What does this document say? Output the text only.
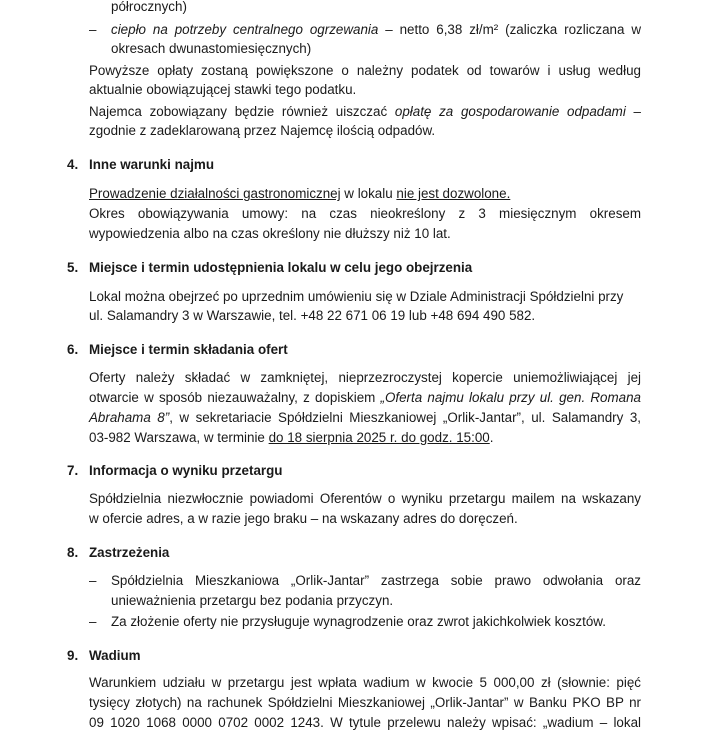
półrocznych)
– ciepło na potrzeby centralnego ogrzewania – netto 6,38 zł/m² (zaliczka rozliczana w
okresach dwunastomiesięcznych)
Powyższe opłaty zostaną powiększone o należny podatek od towarów i usług według
aktualnie obowiązującej stawki tego podatku.
Najemca zobowiązany będzie również uiszczać opłatę za gospodarowanie odpadami –
zgodnie z zadeklarowaną przez Najemcę ilością odpadów.
4. Inne warunki najmu
Prowadzenie działalności gastronomicznej w lokalu nie jest dozwolone.
Okres obowiązywania umowy: na czas nieokreślony z 3 miesięcznym okresem
wypowiedzenia albo na czas określony nie dłuższy niż 10 lat.
5. Miejsce i termin udostępnienia lokalu w celu jego obejrzenia
Lokal można obejrzeć po uprzednim umówieniu się w Dziale Administracji Spółdzielni przy
ul. Salamandry 3 w Warszawie, tel. +48 22 671 06 19 lub +48 694 490 582.
6. Miejsce i termin składania ofert
Oferty należy składać w zamkniętej, nieprzezroczystej kopercie uniemożliwiającej jej
otwarcie w sposób niezauważalny, z dopiskiem „Oferta najmu lokalu przy ul. gen. Romana
Abrahama 8”, w sekretariacie Spółdzielni Mieszkaniowej „Orlik-Jantar”, ul. Salamandry 3,
03-982 Warszawa, w terminie do 18 sierpnia 2025 r. do godz. 15:00.
7. Informacja o wyniku przetargu
Spółdzielnia niezwłocznie powiadomi Oferentów o wyniku przetargu mailem na wskazany
w ofercie adres, a w razie jego braku – na wskazany adres do doręczeń.
8. Zastrzeżenia
– Spółdzielnia Mieszkaniowa „Orlik-Jantar” zastrzega sobie prawo odwołania oraz
unieważnienia przetargu bez podania przyczyn.
– Za złożenie oferty nie przysługuje wynagrodzenie oraz zwrot jakichkolwiek kosztów.
9. Wadium
Warunkiem udziału w przetargu jest wpłata wadium w kwocie 5 000,00 zł (słownie: pięć
tysięcy złotych) na rachunek Spółdzielni Mieszkaniowej „Orlik-Jantar” w Banku PKO BP nr
09 1020 1068 0000 0702 0002 1243. W tytule przelewu należy wpisać: „wadium – lokal
